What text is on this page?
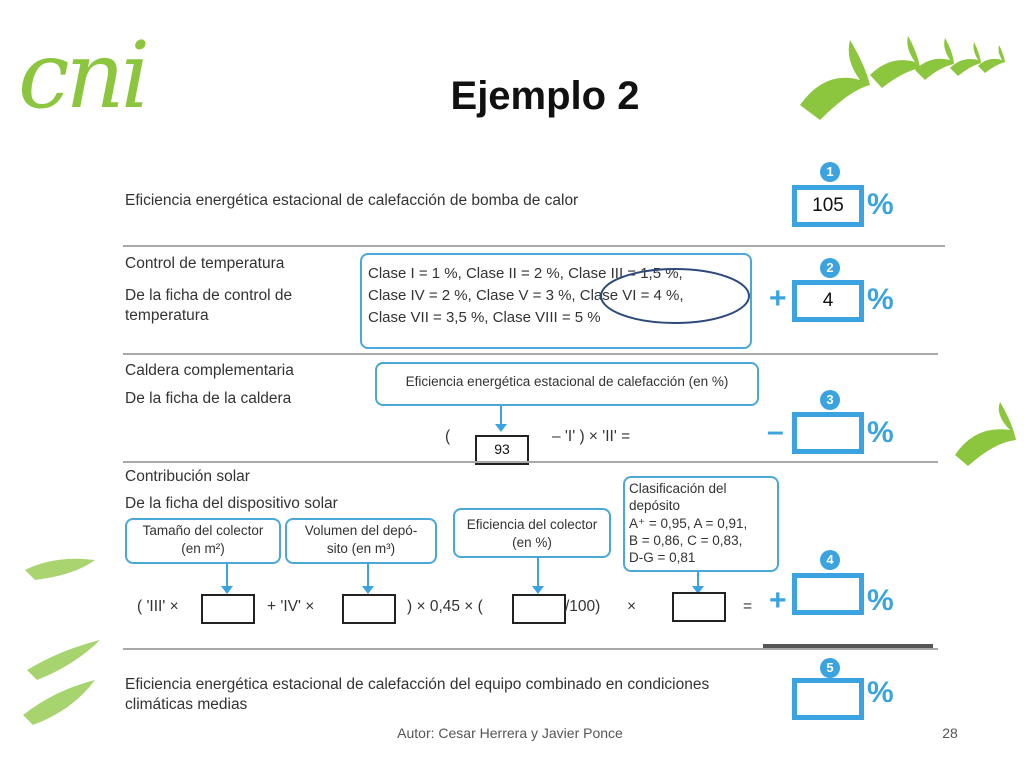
cni	Ejemplo 2
Eficiencia energética estacional de calefacción de bomba de calor
1
105 %
Control de temperatura
De la ficha de control de
temperatura
Clase I = 1 %, Clase II = 2 %, Clase III = 1,5 %,
Clase IV = 2 %, Clase V = 3 %, Clase VI = 4 %,
Clase VII = 3,5 %, Clase VIII = 5 %
2
+	4	%
Caldera complementaria
De la ficha de la caldera
Eficiencia energética estacional de calefacción (en %)
(
93
– 'I' ) × 'II' =
3
–	%
Contribución solar
De la ficha del dispositivo solar
Tamaño del colector
(en m²)
Volumen del depó-
sito (en m³)
Eficiencia del colector
(en %)
Clasificación del
depósito
A⁺ = 0,95, A = 0,91,
B = 0,86, C = 0,83,
D-G = 0,81
( 'III' ×	+ 'IV' ×	) × 0,45 × (	/100) ×	=
4
+	%
Eficiencia energética estacional de calefacción del equipo combinado en condiciones
climáticas medias
5
%
Autor: Cesar Herrera y Javier Ponce	28
